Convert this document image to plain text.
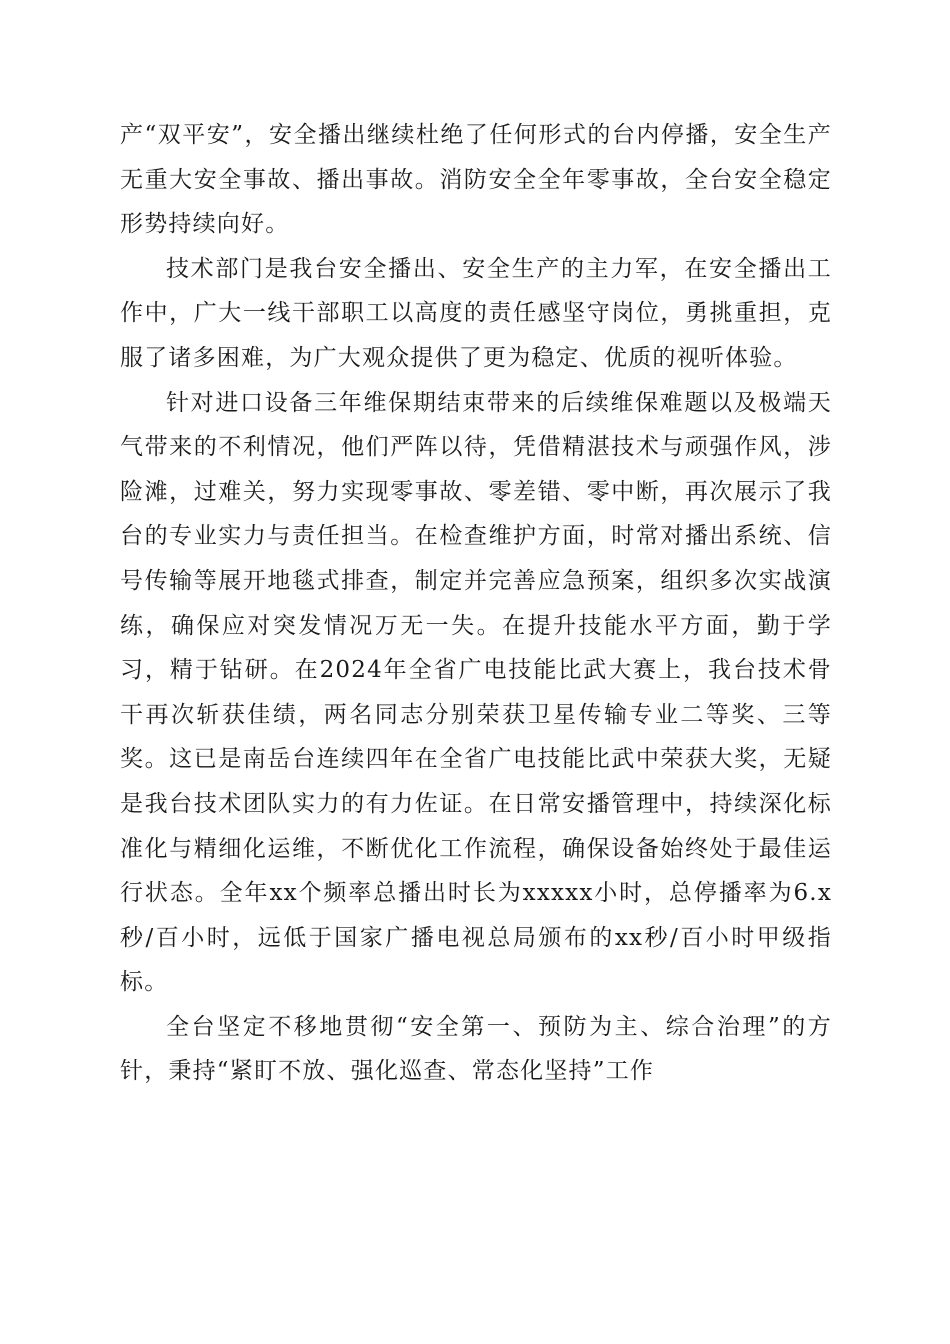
产“双平安”，安全播出继续杜绝了任何形式的台内停播，安全生产无重大安全事故、播出事故。消防安全全年零事故，全台安全稳定形势持续向好。

技术部门是我台安全播出、安全生产的主力军，在安全播出工作中，广大一线干部职工以高度的责任感坚守岗位，勇挑重担，克服了诸多困难，为广大观众提供了更为稳定、优质的视听体验。

针对进口设备三年维保期结束带来的后续维保难题以及极端天气带来的不利情况，他们严阵以待，凭借精湛技术与顽强作风，涉险滩，过难关，努力实现零事故、零差错、零中断，再次展示了我台的专业实力与责任担当。在检查维护方面，时常对播出系统、信号传输等展开地毯式排查，制定并完善应急预案，组织多次实战演练，确保应对突发情况万无一失。在提升技能水平方面，勤于学习，精于钻研。在2024年全省广电技能比武大赛上，我台技术骨干再次斩获佳绩，两名同志分别荣获卫星传输专业二等奖、三等奖。这已是南岳台连续四年在全省广电技能比武中荣获大奖，无疑是我台技术团队实力的有力佐证。在日常安播管理中，持续深化标准化与精细化运维，不断优化工作流程，确保设备始终处于最佳运行状态。全年xx个频率总播出时长为xxxxx小时，总停播率为6.x秒/百小时，远低于国家广播电视总局颁布的xx秒/百小时甲级指标。

全台坚定不移地贯彻“安全第一、预防为主、综合治理”的方针，秉持“紧盯不放、强化巡查、常态化坚持”工作
